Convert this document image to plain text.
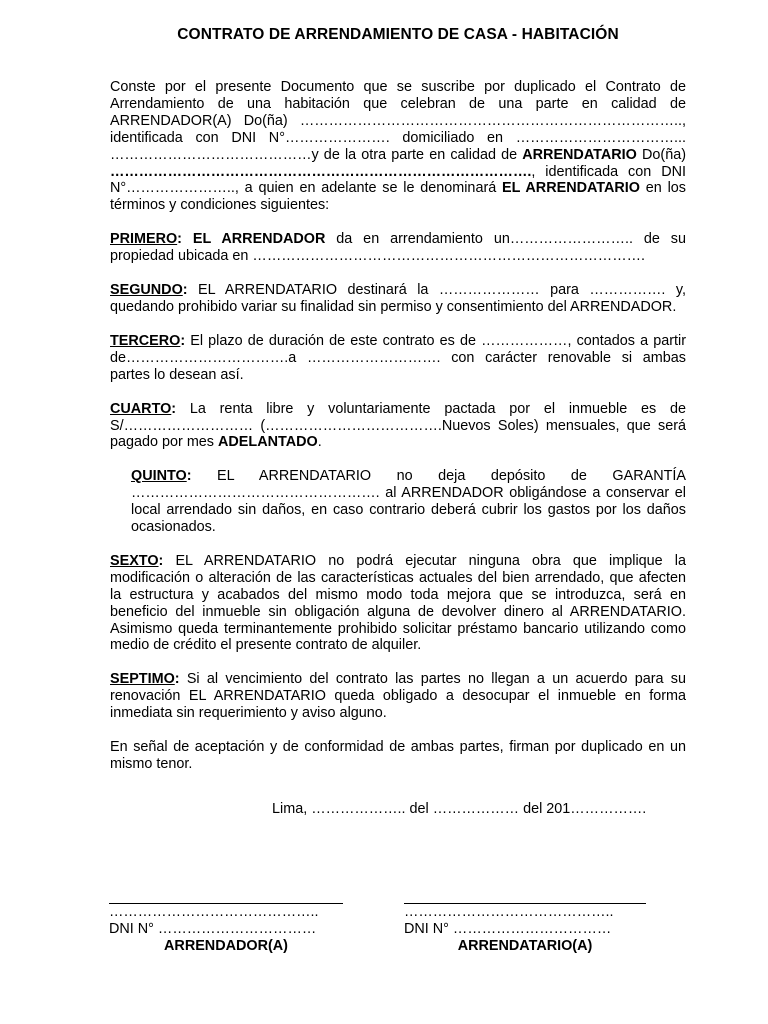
CONTRATO DE ARRENDAMIENTO DE CASA - HABITACIÓN

Conste por el presente Documento que se suscribe por duplicado el Contrato de Arrendamiento de una habitación que celebran de una parte en calidad de ARRENDADOR(A) Do(ña) …………………………………………………………………….., identificada con DNI N°…………………. domiciliado en ……………………………... ……………………………………y de la otra parte en calidad de ARRENDATARIO Do(ña) ……………………………………………………………………………., identificada con DNI N°………………….., a quien en adelante se le denominará EL ARRENDATARIO en los términos y condiciones siguientes:

PRIMERO: EL ARRENDADOR da en arrendamiento un…………………….. de su propiedad ubicada en ……………………………………………………………………….

SEGUNDO: EL ARRENDATARIO destinará la ………………… para ……………. y, quedando prohibido variar su finalidad sin permiso y consentimiento del ARRENDADOR.

TERCERO: El plazo de duración de este contrato es de ………………, contados a partir de…………………………….a ………………………. con carácter renovable si ambas partes lo desean así.

CUARTO: La renta libre y voluntariamente pactada por el inmueble es de S/……………………… (……………………………….Nuevos Soles) mensuales, que será pagado por mes ADELANTADO.

QUINTO: EL ARRENDATARIO no deja depósito de GARANTÍA ……………………………………………. al ARRENDADOR obligándose a conservar el local arrendado sin daños, en caso contrario deberá cubrir los gastos por los daños ocasionados.

SEXTO: EL ARRENDATARIO no podrá ejecutar ninguna obra que implique la modificación o alteración de las características actuales del bien arrendado, que afecten la estructura y acabados del mismo modo toda mejora que se introduzca, será en beneficio del inmueble sin obligación alguna de devolver dinero al ARRENDATARIO. Asimismo queda terminantemente prohibido solicitar préstamo bancario utilizando como medio de crédito el presente contrato de alquiler.

SEPTIMO: Si al vencimiento del contrato las partes no llegan a un acuerdo para su renovación EL ARRENDATARIO queda obligado a desocupar el inmueble en forma inmediata sin requerimiento y aviso alguno.

En señal de aceptación y de conformidad de ambas partes, firman por duplicado en un mismo tenor.

Lima, ……………….. del ……………… del 201…………….
……………………………………..
DNI N° ……………………………
ARRENDADOR(A)
……………………………………..
DNI N° ……………………………
ARRENDATARIO(A)
